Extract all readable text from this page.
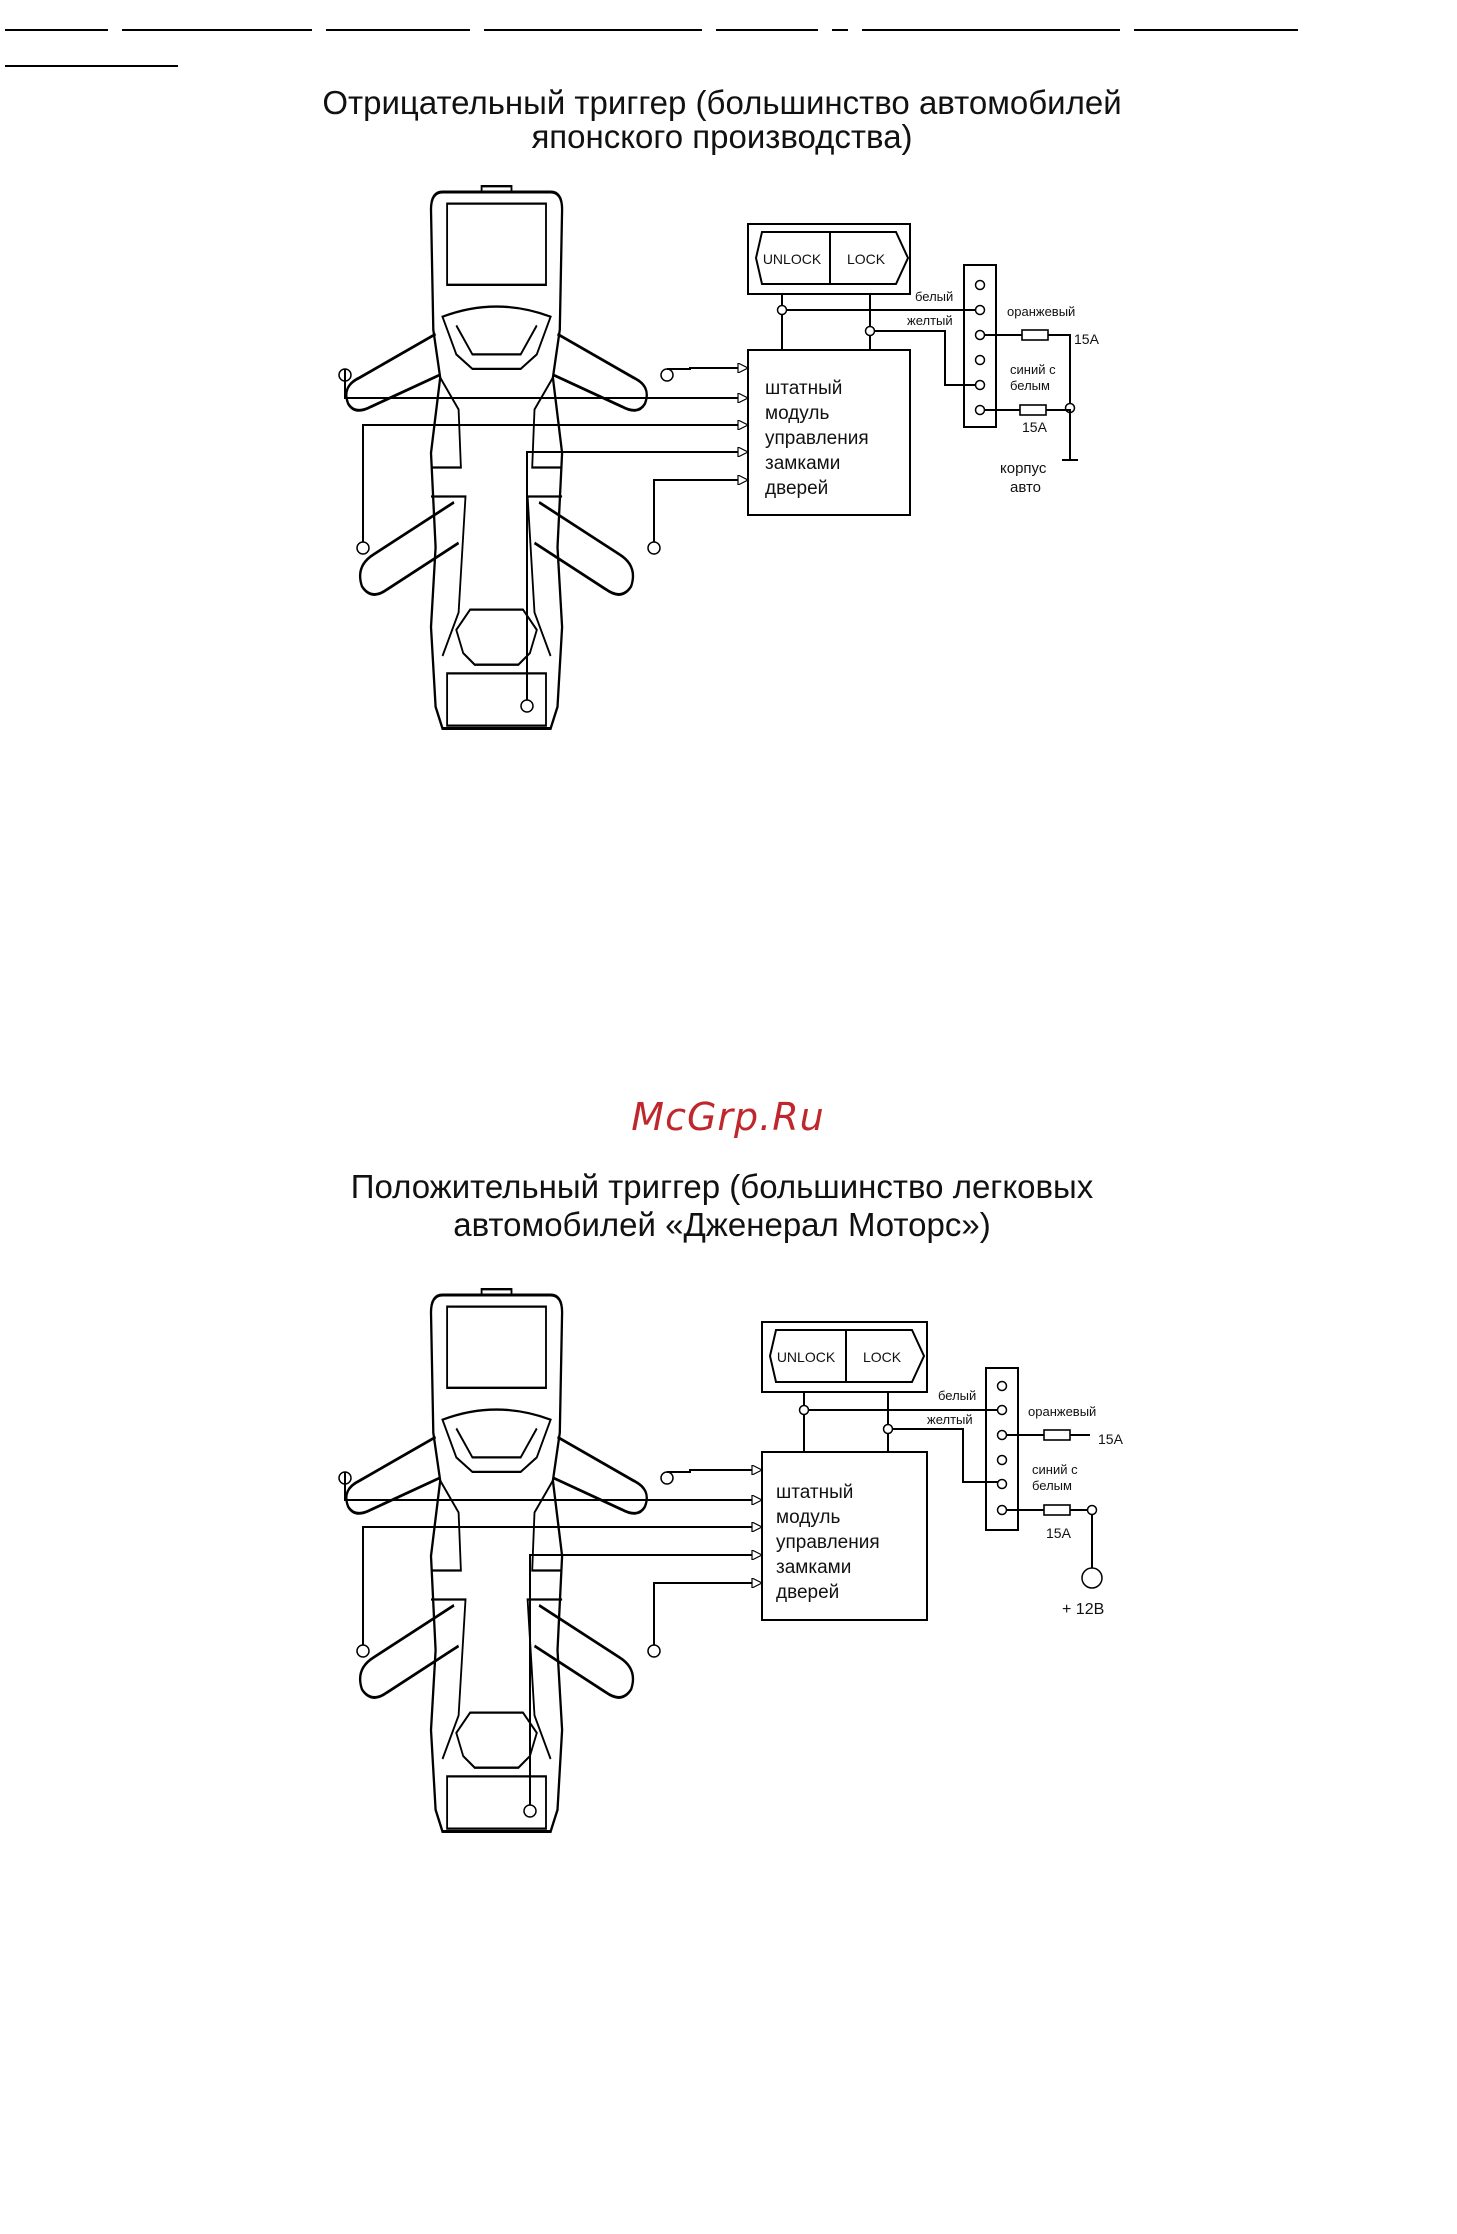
Отрицательный триггер (большинство автомобилей
японского производства)
штатный модуль управления замками дверей
UNLOCK LOCK
белый
желтый
оранжевый
15А
синий с
белым
15А
корпус
авто
McGrp.Ru
Положительный триггер (большинство легковых
автомобилей «Дженерал Моторс»)
штатный модуль управления замками дверей
UNLOCK LOCK
белый
желтый
оранжевый
15А
синий с
белым
15А
+ 12В
